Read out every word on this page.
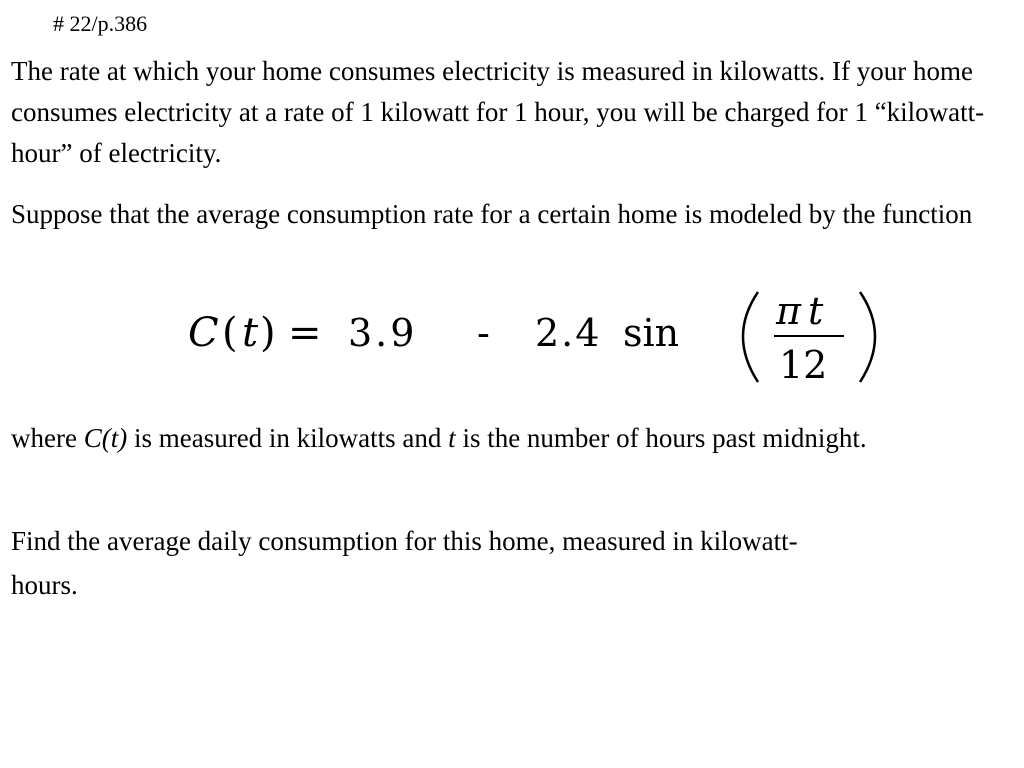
# 22/p.386

The rate at which your home consumes electricity is measured in kilowatts. If your home consumes electricity at a rate of 1 kilowatt for 1 hour, you will be charged for 1 “kilowatt-hour” of electricity.

Suppose that the average consumption rate for a certain home is modeled by the function

C ( t ) = 3.9 - 2.4 sin	π t
12

where C(t) is measured in kilowatts and t is the number of hours past midnight.

Find the average daily consumption for this home, measured in kilowatt-
hours.
